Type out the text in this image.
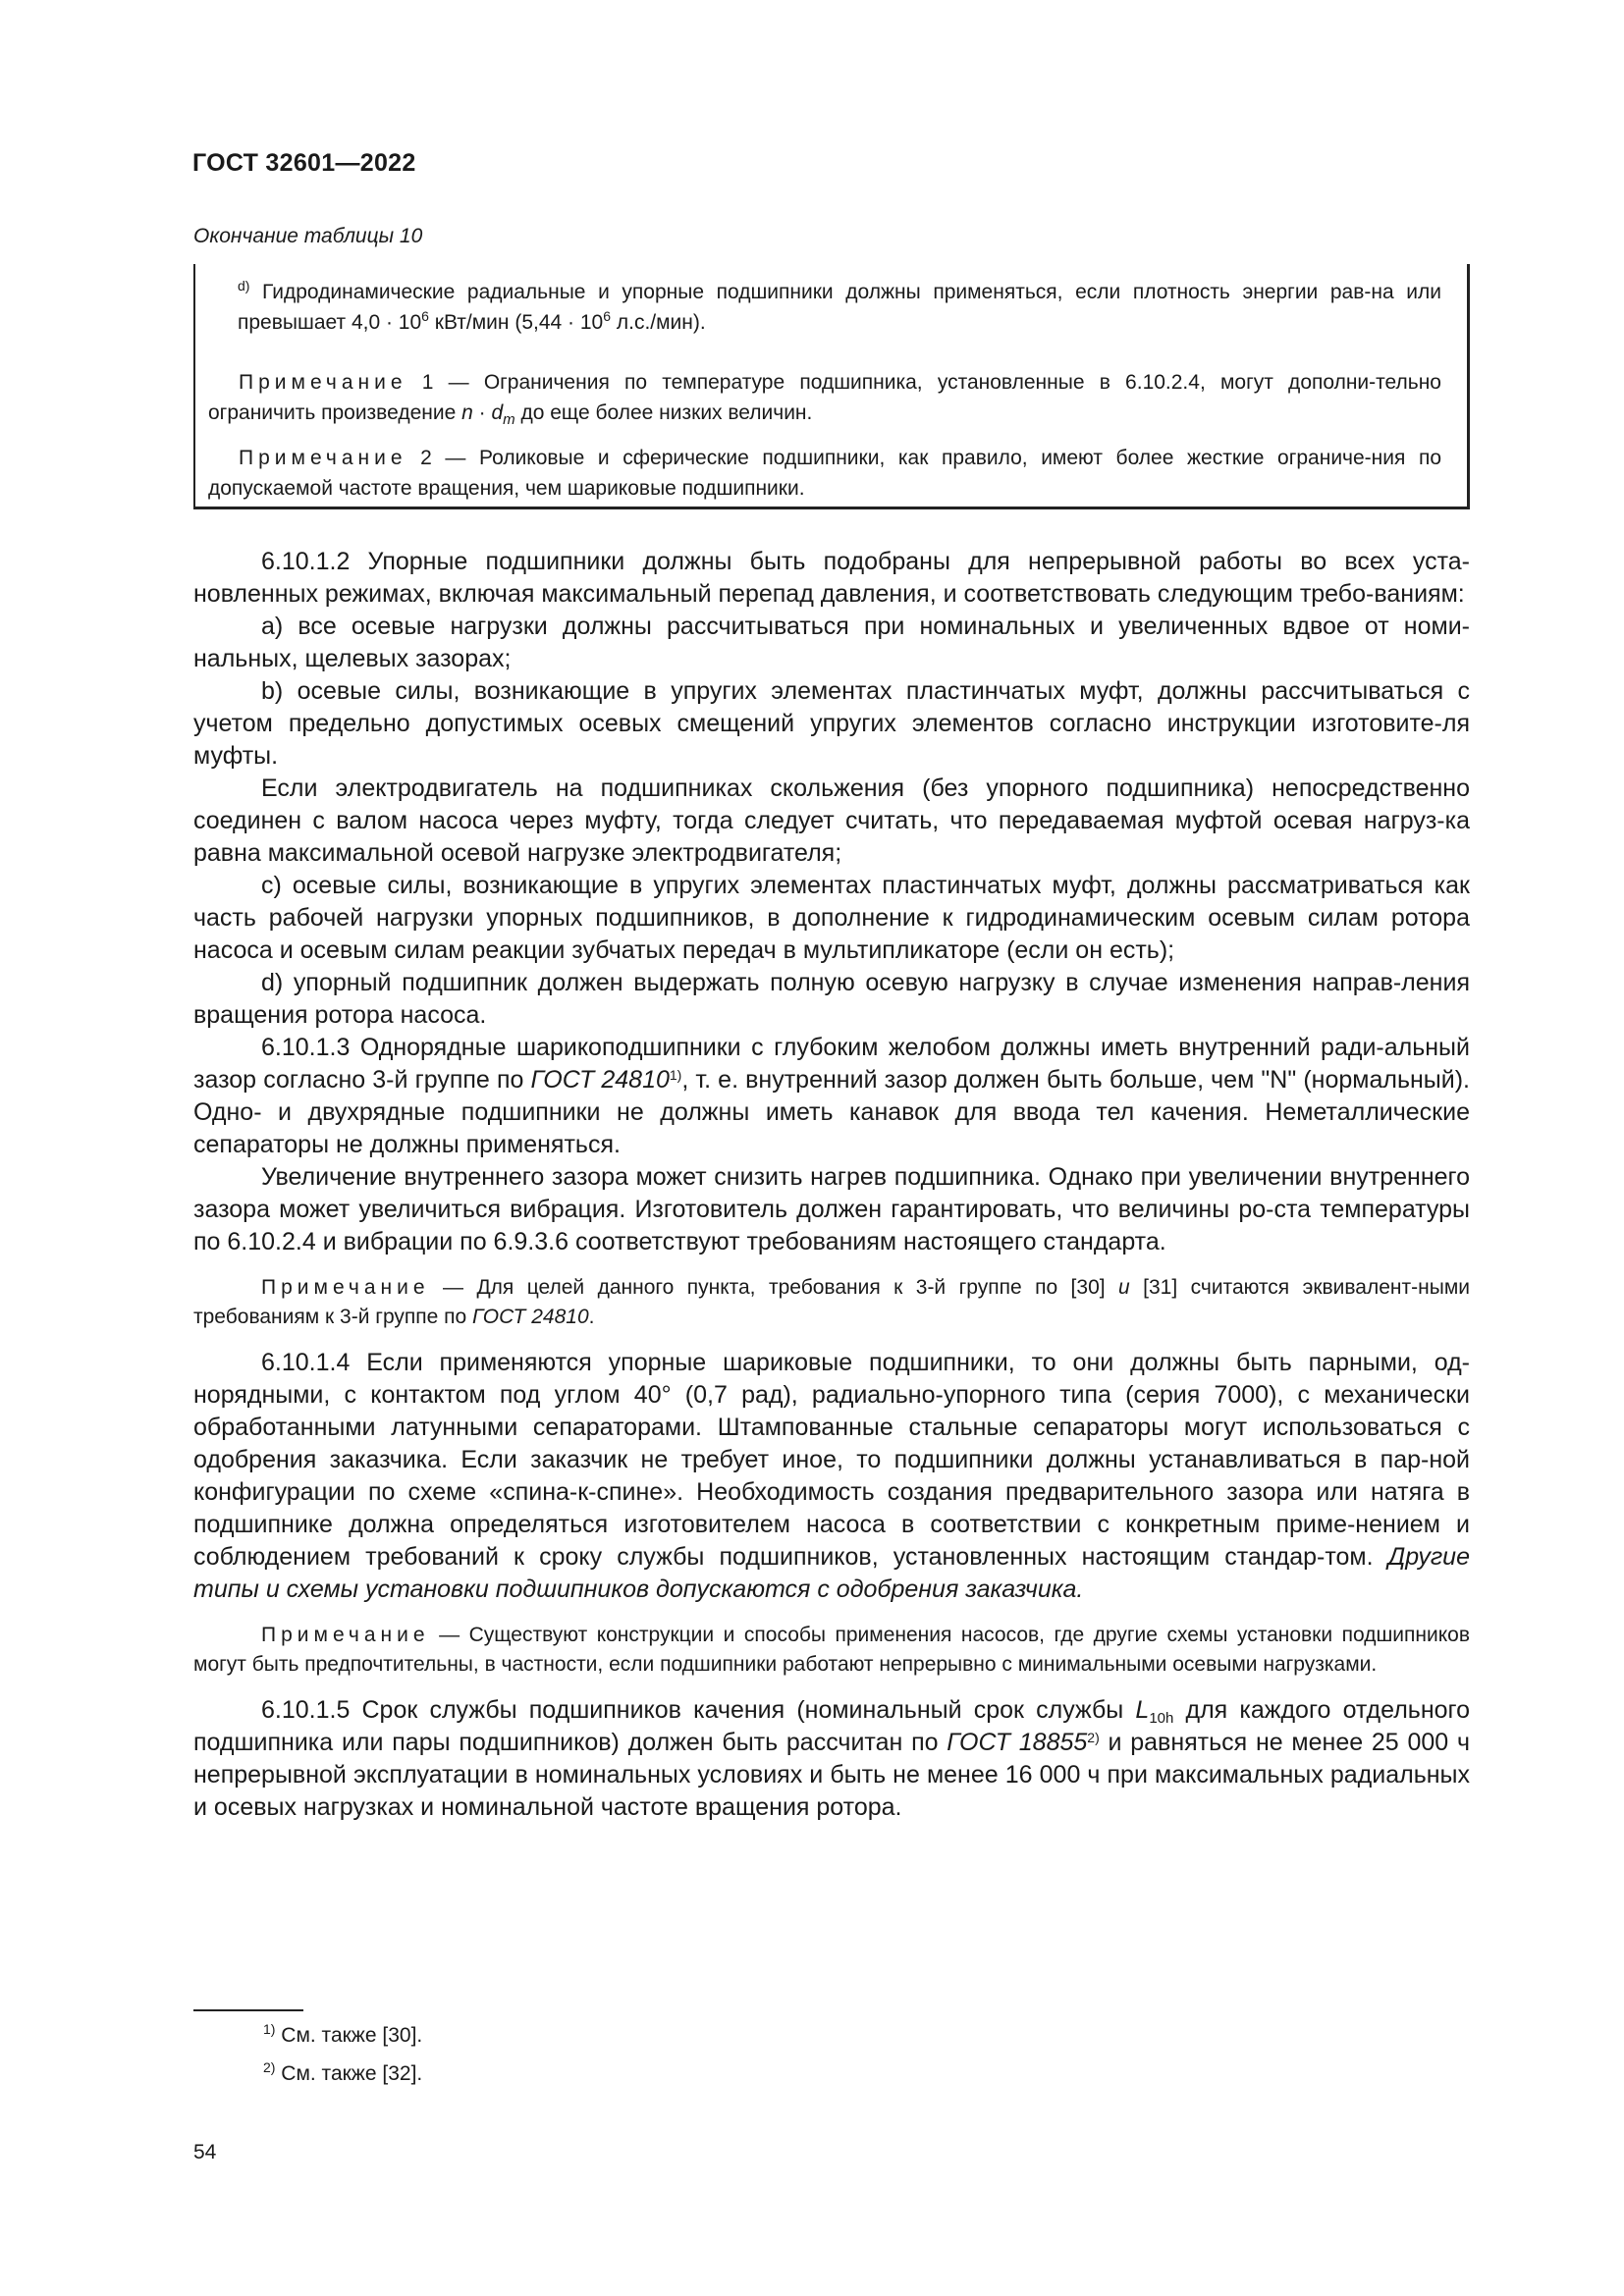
ГОСТ 32601—2022
Окончание таблицы 10
$^{d)}$ Гидродинамические радиальные и упорные подшипники должны применяться, если плотность энергии рав-на или превышает $4,0 \cdot 10^6$ кВт/мин ($5,44 \cdot 10^6$ л.с./мин).
Примечание 1 — Ограничения по температуре подшипника, установленные в 6.10.2.4, могут дополни-тельно ограничить произведение $n \cdot d_m$ до еще более низких величин.
Примечание 2 — Роликовые и сферические подшипники, как правило, имеют более жесткие ограниче-ния по допускаемой частоте вращения, чем шариковые подшипники.

6.10.1.2 Упорные подшипники должны быть подобраны для непрерывной работы во всех уста-новленных режимах, включая максимальный перепад давления, и соответствовать следующим требо-ваниям:

а) все осевые нагрузки должны рассчитываться при номинальных и увеличенных вдвое от номи-нальных, щелевых зазорах;

b) осевые силы, возникающие в упругих элементах пластинчатых муфт, должны рассчитываться с учетом предельно допустимых осевых смещений упругих элементов согласно инструкции изготовите-ля муфты.

Если электродвигатель на подшипниках скольжения (без упорного подшипника) непосредственно соединен с валом насоса через муфту, тогда следует считать, что передаваемая муфтой осевая нагруз-ка равна максимальной осевой нагрузке электродвигателя;

с) осевые силы, возникающие в упругих элементах пластинчатых муфт, должны рассматриваться как часть рабочей нагрузки упорных подшипников, в дополнение к гидродинамическим осевым силам ротора насоса и осевым силам реакции зубчатых передач в мультипликаторе (если он есть);

d) упорный подшипник должен выдержать полную осевую нагрузку в случае изменения направ-ления вращения ротора насоса.

6.10.1.3 Однорядные шарикоподшипники с глубоким желобом должны иметь внутренний ради-альный зазор согласно 3-й группе по ГОСТ 24810$^{1)}$, т. е. внутренний зазор должен быть больше, чем "N" (нормальный). Одно- и двухрядные подшипники не должны иметь канавок для ввода тел качения. Неметаллические сепараторы не должны применяться.

Увеличение внутреннего зазора может снизить нагрев подшипника. Однако при увеличении внутреннего зазора может увеличиться вибрация. Изготовитель должен гарантировать, что величины ро-ста температуры по 6.10.2.4 и вибрации по 6.9.3.6 соответствуют требованиям настоящего стандарта.

Примечание — Для целей данного пункта, требования к 3-й группе по [30] и [31] считаются эквивалент-ными требованиям к 3-й группе по ГОСТ 24810.

6.10.1.4 Если применяются упорные шариковые подшипники, то они должны быть парными, од-норядными, с контактом под углом 40° (0,7 рад), радиально-упорного типа (серия 7000), с механически обработанными латунными сепараторами. Штампованные стальные сепараторы могут использоваться с одобрения заказчика. Если заказчик не требует иное, то подшипники должны устанавливаться в пар-ной конфигурации по схеме «спина-к-спине». Необходимость создания предварительного зазора или натяга в подшипнике должна определяться изготовителем насоса в соответствии с конкретным приме-нением и соблюдением требований к сроку службы подшипников, установленных настоящим стандар-том. Другие типы и схемы установки подшипников допускаются с одобрения заказчика.

Примечание — Существуют конструкции и способы применения насосов, где другие схемы установки подшипников могут быть предпочтительны, в частности, если подшипники работают непрерывно с минимальными осевыми нагрузками.

6.10.1.5 Срок службы подшипников качения (номинальный срок службы $L_{10h}$ для каждого отдельного подшипника или пары подшипников) должен быть рассчитан по ГОСТ 18855$^{2)}$ и равняться не менее 25 000 ч непрерывной эксплуатации в номинальных условиях и быть не менее 16 000 ч при максимальных радиальных и осевых нагрузках и номинальной частоте вращения ротора.

$^{1)}$ См. также [30].
$^{2)}$ См. также [32].
54
